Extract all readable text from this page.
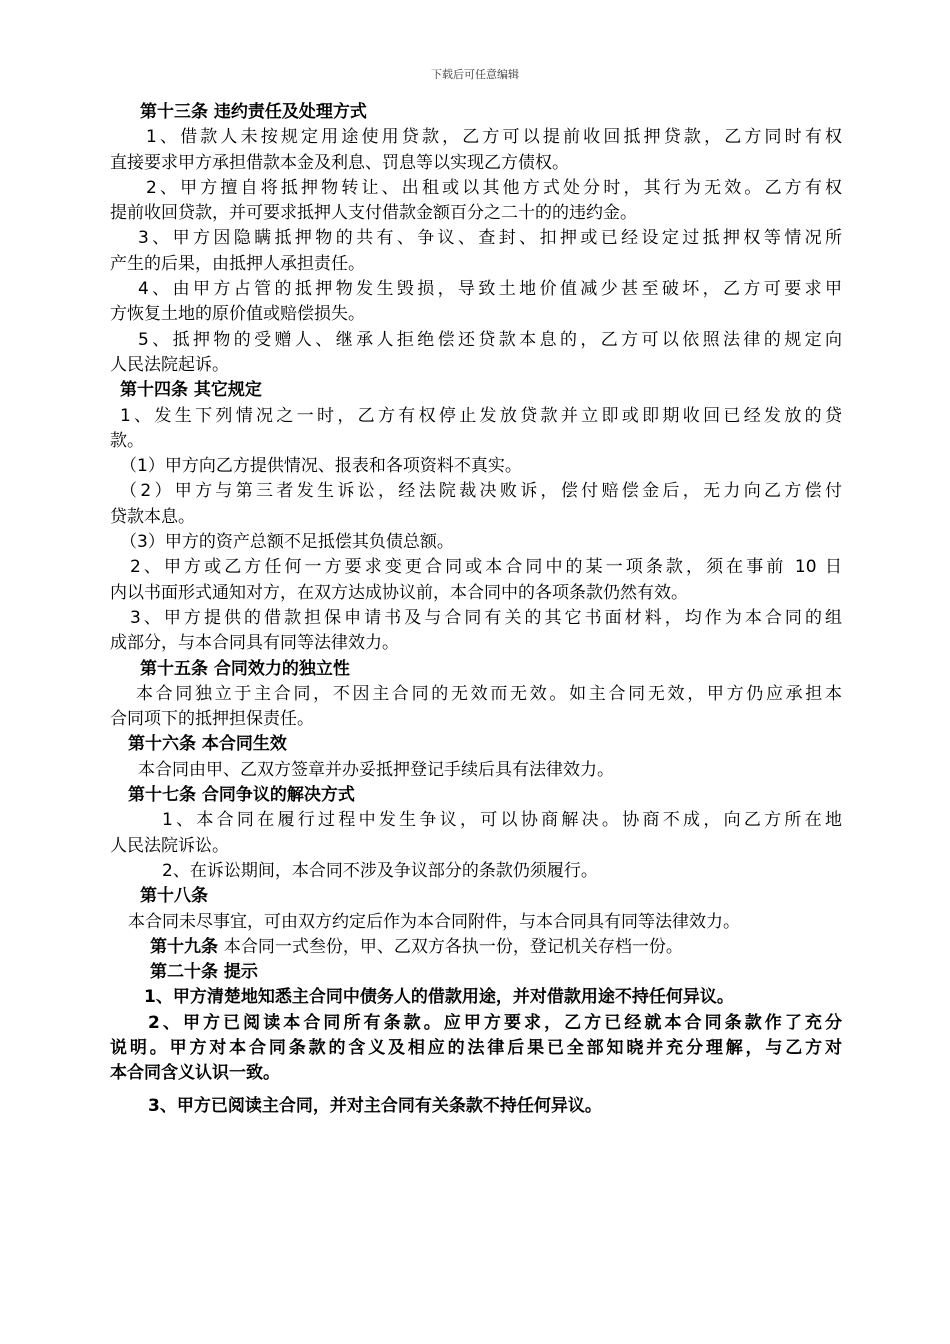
下载后可任意编辑
第十三条 违约责任及处理方式
1、借款人未按规定用途使用贷款，乙方可以提前收回抵押贷款，乙方同时有权
直接要求甲方承担借款本金及利息、罚息等以实现乙方债权。
2、甲方擅自将抵押物转让、出租或以其他方式处分时，其行为无效。乙方有权
提前收回贷款，并可要求抵押人支付借款金额百分之二十的的违约金。
3、甲方因隐瞒抵押物的共有、争议、查封、扣押或已经设定过抵押权等情况所
产生的后果，由抵押人承担责任。
4、由甲方占管的抵押物发生毁损，导致土地价值减少甚至破坏，乙方可要求甲
方恢复土地的原价值或赔偿损失。
5、抵押物的受赠人、继承人拒绝偿还贷款本息的，乙方可以依照法律的规定向
人民法院起诉。
第十四条 其它规定
1、发生下列情况之一时，乙方有权停止发放贷款并立即或即期收回已经发放的贷
款。
（1）甲方向乙方提供情况、报表和各项资料不真实。
（2）甲方与第三者发生诉讼，经法院裁决败诉，偿付赔偿金后，无力向乙方偿付
贷款本息。
（3）甲方的资产总额不足抵偿其负债总额。
2、甲方或乙方任何一方要求变更合同或本合同中的某一项条款，须在事前 10 日
内以书面形式通知对方，在双方达成协议前，本合同中的各项条款仍然有效。
3、甲方提供的借款担保申请书及与合同有关的其它书面材料，均作为本合同的组
成部分，与本合同具有同等法律效力。
第十五条 合同效力的独立性
本合同独立于主合同，不因主合同的无效而无效。如主合同无效，甲方仍应承担本
合同项下的抵押担保责任。
第十六条 本合同生效
本合同由甲、乙双方签章并办妥抵押登记手续后具有法律效力。
第十七条 合同争议的解决方式
1、本合同在履行过程中发生争议，可以协商解决。协商不成，向乙方所在地
人民法院诉讼。
2、在诉讼期间，本合同不涉及争议部分的条款仍须履行。
第十八条
本合同未尽事宜，可由双方约定后作为本合同附件，与本合同具有同等法律效力。
第十九条 本合同一式叁份，甲、乙双方各执一份，登记机关存档一份。
第二十条 提示
1、甲方清楚地知悉主合同中债务人的借款用途，并对借款用途不持任何异议。
2、甲方已阅读本合同所有条款。应甲方要求，乙方已经就本合同条款作了充分
说明。甲方对本合同条款的含义及相应的法律后果已全部知晓并充分理解，与乙方对
本合同含义认识一致。
3、甲方已阅读主合同，并对主合同有关条款不持任何异议。
